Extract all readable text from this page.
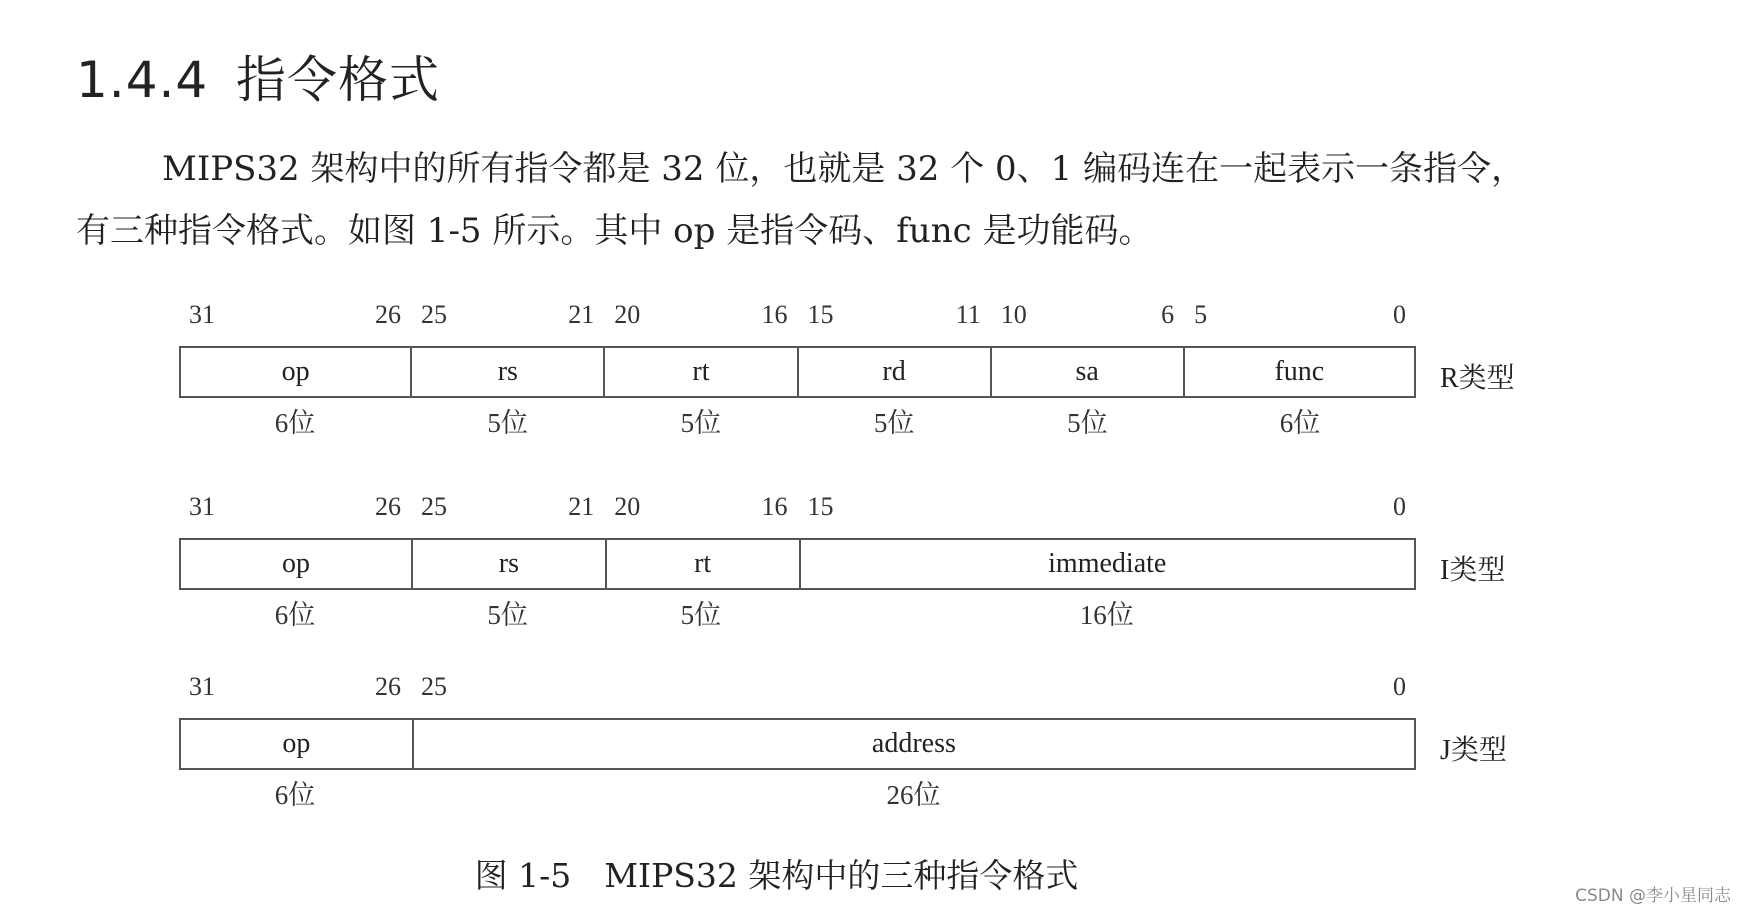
1.4.4 指令格式

MIPS32 架构中的所有指令都是 32 位，也就是 32 个 0、1 编码连在一起表示一条指令，
有三种指令格式。如图 1-5 所示。其中 op 是指令码、func 是功能码。

31	26 25	21 20	16 15	11 10	6 5	0
op	rs	rt	rd	sa	func	R类型
6位	5位	5位	5位	5位	6位
31	26 25	21 20	16 15	0
op	rs	rt	immediate	I类型
6位	5位	5位	16位
31	26 25	0
op	address	J类型
6位	26位

图 1-5　MIPS32 架构中的三种指令格式

CSDN @李小星同志
